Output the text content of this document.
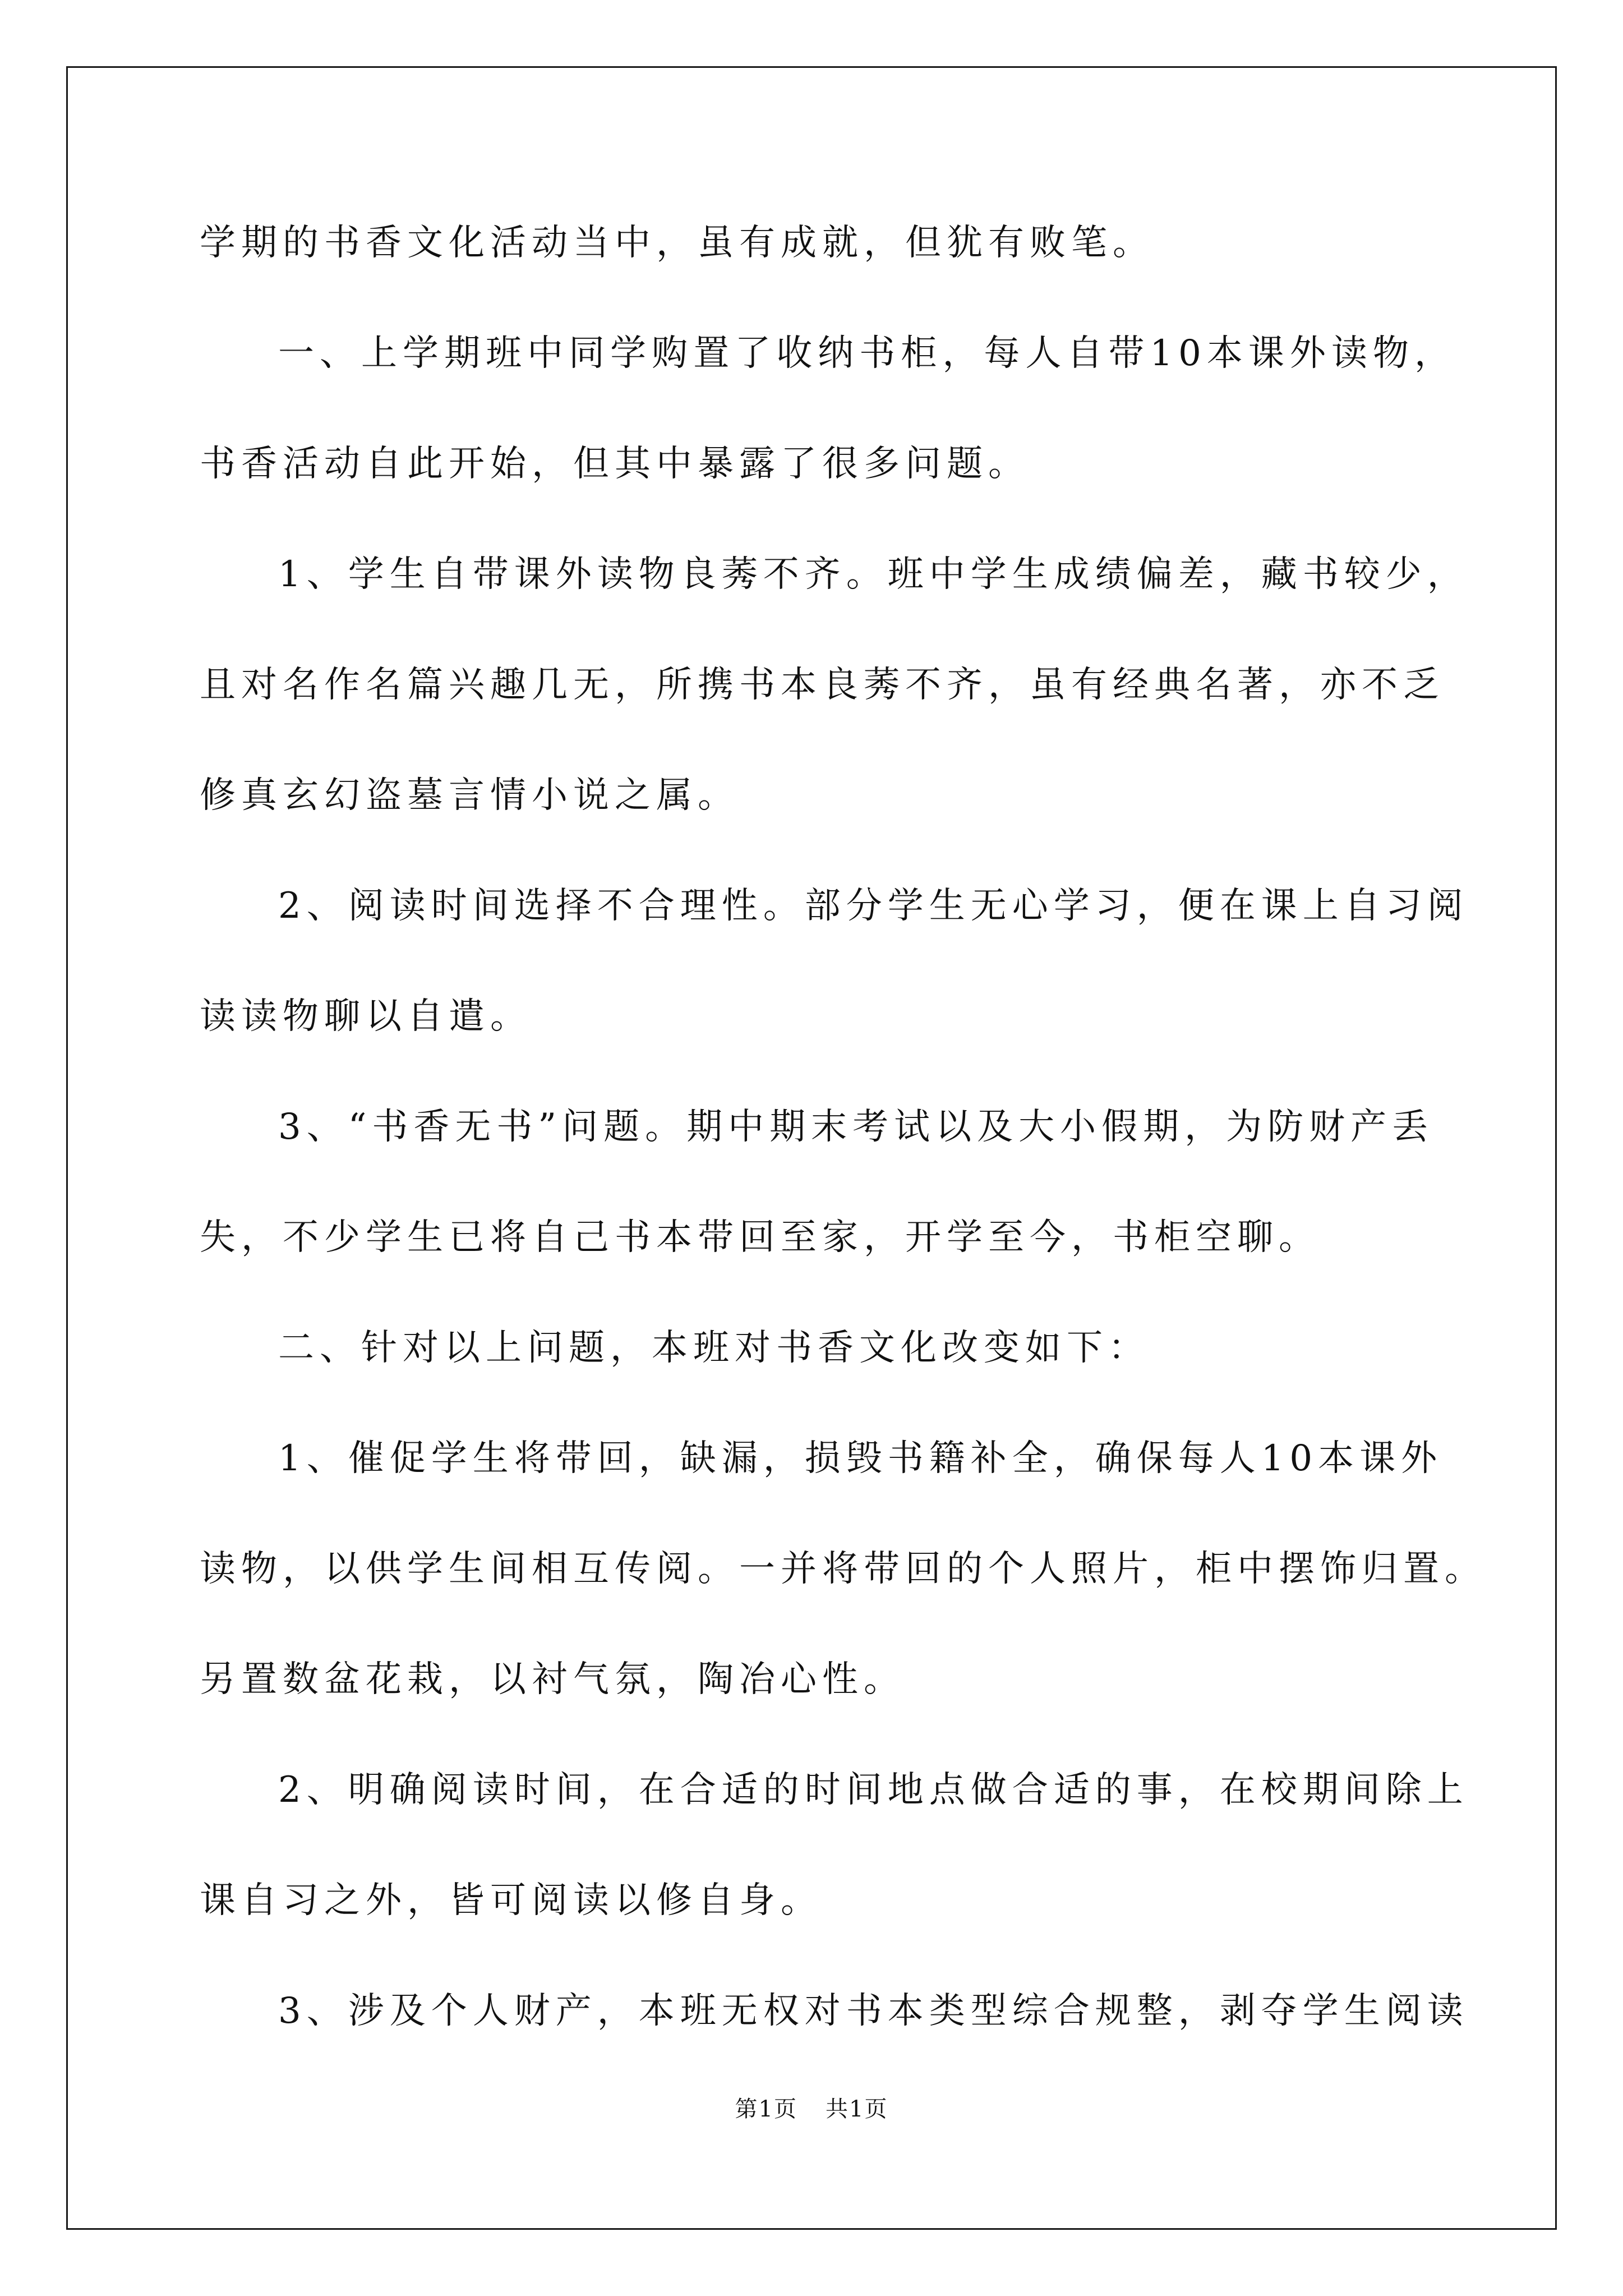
学期的书香文化活动当中，虽有成就，但犹有败笔。
一、上学期班中同学购置了收纳书柜，每人自带10本课外读物，
书香活动自此开始，但其中暴露了很多问题。
1、学生自带课外读物良莠不齐。班中学生成绩偏差，藏书较少，
且对名作名篇兴趣几无，所携书本良莠不齐，虽有经典名著，亦不乏
修真玄幻盗墓言情小说之属。
2、阅读时间选择不合理性。部分学生无心学习，便在课上自习阅
读读物聊以自遣。
3、“书香无书”问题。期中期末考试以及大小假期，为防财产丢
失，不少学生已将自己书本带回至家，开学至今，书柜空聊。
二、针对以上问题，本班对书香文化改变如下：
1、催促学生将带回，缺漏，损毁书籍补全，确保每人10本课外
读物，以供学生间相互传阅。一并将带回的个人照片，柜中摆饰归置。
另置数盆花栽，以衬气氛，陶冶心性。
2、明确阅读时间，在合适的时间地点做合适的事，在校期间除上
课自习之外，皆可阅读以修自身。
3、涉及个人财产，本班无权对书本类型综合规整，剥夺学生阅读
第1页 共1页
